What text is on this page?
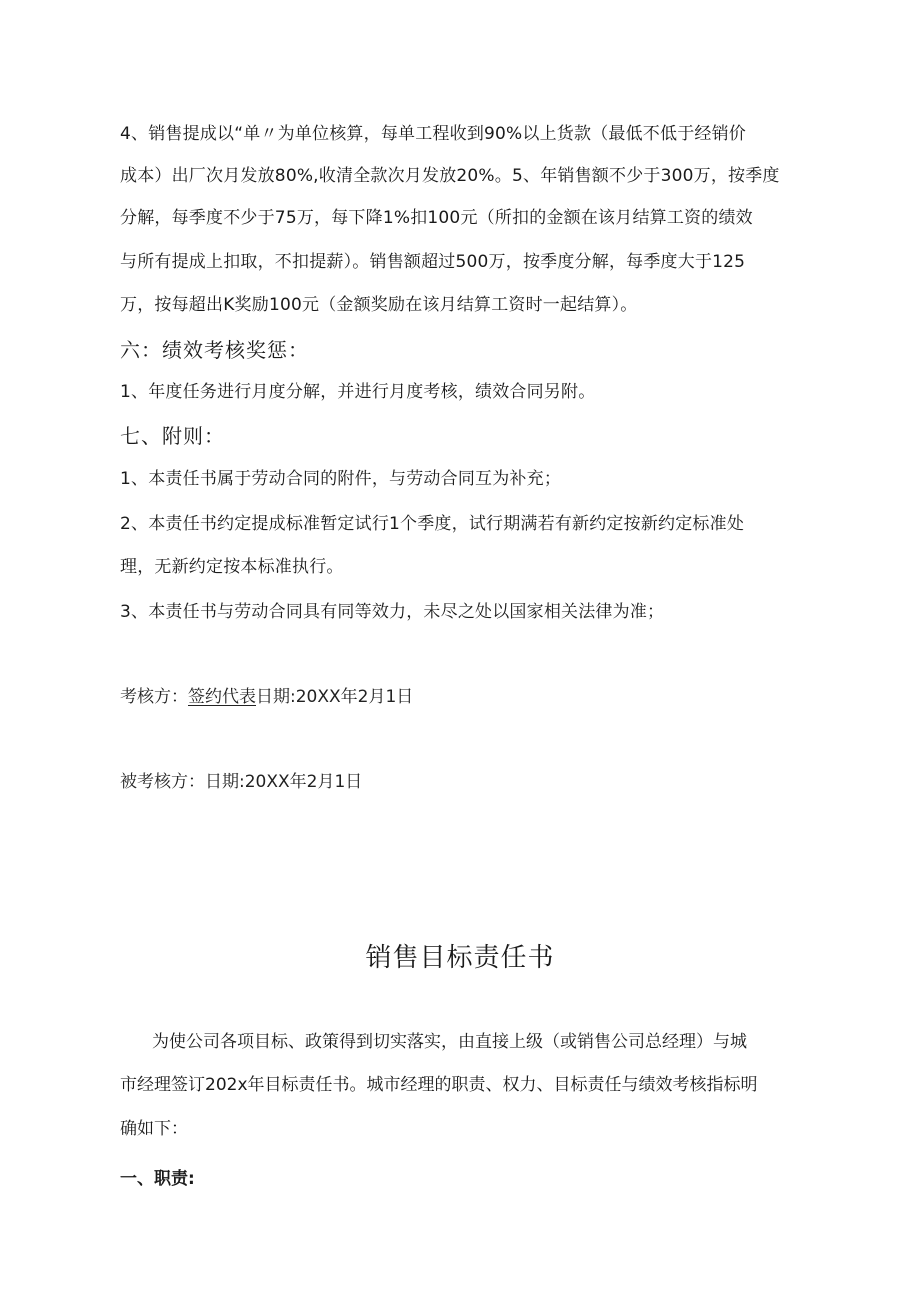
4、销售提成以“单〃为单位核算，每单工程收到90%以上货款（最低不低于经销价
成本）出厂次月发放80%,收清全款次月发放20%。5、年销售额不少于300万，按季度
分解，每季度不少于75万，每下降1%扣100元（所扣的金额在该月结算工资的绩效
与所有提成上扣取，不扣提薪）。销售额超过500万，按季度分解，每季度大于125
万，按每超出K奖励100元（金额奖励在该月结算工资时一起结算）。
六：绩效考核奖惩：
1、年度任务进行月度分解，并进行月度考核，绩效合同另附。
七、附则：
1、本责任书属于劳动合同的附件，与劳动合同互为补充；
2、本责任书约定提成标准暂定试行1个季度，试行期满若有新约定按新约定标准处
理，无新约定按本标准执行。
3、本责任书与劳动合同具有同等效力，未尽之处以国家相关法律为准；
考核方：签约代表日期:20XX年2月1日
被考核方：日期:20XX年2月1日
销售目标责任书
为使公司各项目标、政策得到切实落实，由直接上级（或销售公司总经理）与城
市经理签订202x年目标责任书。城市经理的职责、权力、目标责任与绩效考核指标明
确如下：
一、职责:
